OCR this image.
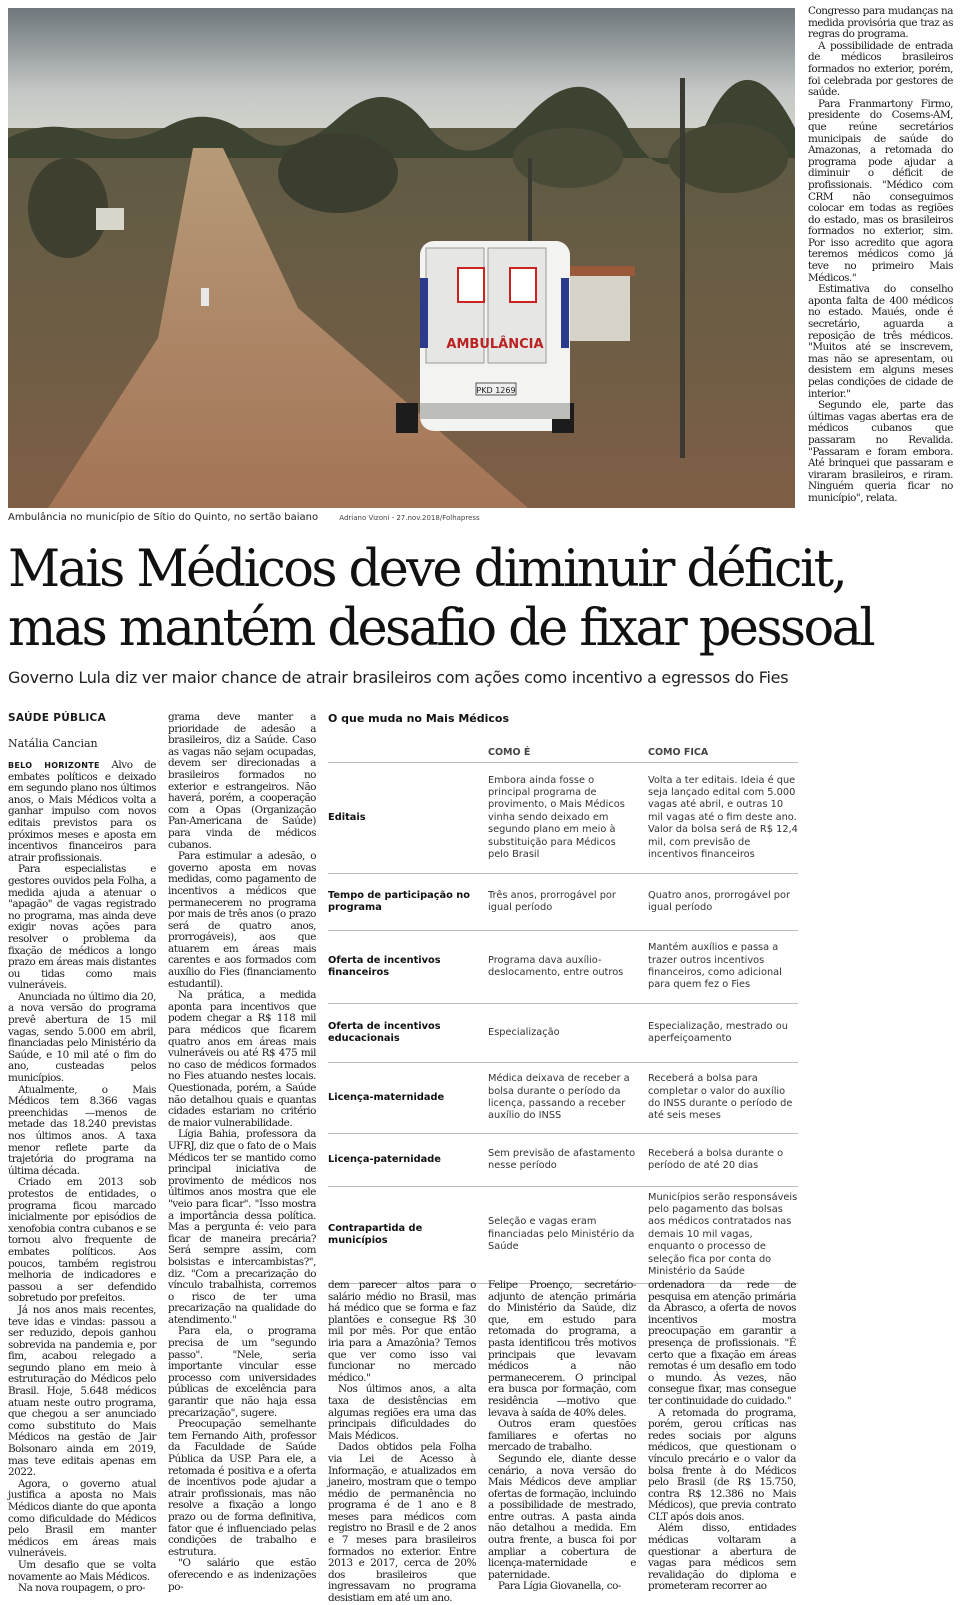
AMBULÂNCIA
PKD 1269
Ambulância no município de Sítio do Quinto, no sertão baiano	Adriano Vizoni - 27.nov.2018/Folhapress

Congresso para mudanças na medida provisória que traz as regras do programa.

A possibilidade de entrada de médicos brasileiros formados no exterior, porém, foi celebrada por gestores de saúde.

Para Franmartony Firmo, presidente do Cosems-AM, que reúne secretários municipais de saúde do Amazonas, a retomada do programa pode ajudar a diminuir o déficit de profissionais. "Médico com CRM não conseguimos colocar em todas as regiões do estado, mas os brasileiros formados no exterior, sim. Por isso acredito que agora teremos médicos como já teve no primeiro Mais Médicos."

Estimativa do conselho aponta falta de 400 médicos no estado. Maués, onde é secretário, aguarda a reposição de três médicos. "Muitos até se inscrevem, mas não se apresentam, ou desistem em alguns meses pelas condições de cidade de interior."

Segundo ele, parte das últimas vagas abertas era de médicos cubanos que passaram no Revalida. "Passaram e foram embora. Até brinquei que passaram e viraram brasileiros, e riram. Ninguém queria ficar no município", relata.

Mais Médicos deve diminuir déficit,
mas mantém desafio de fixar pessoal
Governo Lula diz ver maior chance de atrair brasileiros com ações como incentivo a egressos do Fies
SAÚDE PÚBLICA
Natália Cancian

BELO HORIZONTE Alvo de embates políticos e deixado em segundo plano nos últimos anos, o Mais Médicos volta a ganhar impulso com novos editais previstos para os próximos meses e aposta em incentivos financeiros para atrair profissionais.

Para especialistas e gestores ouvidos pela Folha, a medida ajuda a atenuar o "apagão" de vagas registrado no programa, mas ainda deve exigir novas ações para resolver o problema da fixação de médicos a longo prazo em áreas mais distantes ou tidas como mais vulneráveis.

Anunciada no último dia 20, a nova versão do programa prevê abertura de 15 mil vagas, sendo 5.000 em abril, financiadas pelo Ministério da Saúde, e 10 mil até o fim do ano, custeadas pelos municípios.

Atualmente, o Mais Médicos tem 8.366 vagas preenchidas —menos de metade das 18.240 previstas nos últimos anos. A taxa menor reflete parte da trajetória do programa na última década.

Criado em 2013 sob protestos de entidades, o programa ficou marcado inicialmente por episódios de xenofobia contra cubanos e se tornou alvo frequente de embates políticos. Aos poucos, também registrou melhoria de indicadores e passou a ser defendido sobretudo por prefeitos.

Já nos anos mais recentes, teve idas e vindas: passou a ser reduzido, depois ganhou sobrevida na pandemia e, por fim, acabou relegado a segundo plano em meio à estruturação do Médicos pelo Brasil. Hoje, 5.648 médicos atuam neste outro programa, que chegou a ser anunciado como substituto do Mais Médicos na gestão de Jair Bolsonaro ainda em 2019, mas teve editais apenas em 2022.

Agora, o governo atual justifica a aposta no Mais Médicos diante do que aponta como dificuldade do Médicos pelo Brasil em manter médicos em áreas mais vulneráveis.

Um desafio que se volta novamente ao Mais Médicos.

Na nova roupagem, o pro-

grama deve manter a prioridade de adesão a brasileiros, diz a Saúde. Caso as vagas não sejam ocupadas, devem ser direcionadas a brasileiros formados no exterior e estrangeiros. Não haverá, porém, a cooperação com a Opas (Organização Pan-Americana de Saúde) para vinda de médicos cubanos.

Para estimular a adesão, o governo aposta em novas medidas, como pagamento de incentivos a médicos que permanecerem no programa por mais de três anos (o prazo será de quatro anos, prorrogáveis), aos que atuarem em áreas mais carentes e aos formados com auxílio do Fies (financiamento estudantil).

Na prática, a medida aponta para incentivos que podem chegar a R$ 118 mil para médicos que ficarem quatro anos em áreas mais vulneráveis ou até R$ 475 mil no caso de médicos formados no Fies atuando nestes locais. Questionada, porém, a Saúde não detalhou quais e quantas cidades estariam no critério de maior vulnerabilidade.

Lígia Bahia, professora da UFRJ, diz que o fato de o Mais Médicos ter se mantido como principal iniciativa de provimento de médicos nos últimos anos mostra que ele "veio para ficar". "Isso mostra a importância dessa política. Mas a pergunta é: veio para ficar de maneira precária? Será sempre assim, com bolsistas e intercambistas?", diz. "Com a precarização do vínculo trabalhista, corremos o risco de ter uma precarização na qualidade do atendimento."

Para ela, o programa precisa de um "segundo passo". "Nele, seria importante vincular esse processo com universidades públicas de excelência para garantir que não haja essa precarização", sugere.

Preocupação semelhante tem Fernando Aith, professor da Faculdade de Saúde Pública da USP. Para ele, a retomada é positiva e a oferta de incentivos pode ajudar a atrair profissionais, mas não resolve a fixação a longo prazo ou de forma definitiva, fator que é influenciado pelas condições de trabalho e estrutura.

"O salário que estão oferecendo e as indenizações po-

O que muda no Mais Médicos
COMO É	COMO FICA
Editais
Embora ainda fosse o principal programa de provimento, o Mais Médicos vinha sendo deixado em segundo plano em meio à substituição para Médicos pelo Brasil
Volta a ter editais. Ideia é que seja lançado edital com 5.000 vagas até abril, e outras 10 mil vagas até o fim deste ano. Valor da bolsa será de R$ 12,4 mil, com previsão de incentivos financeiros
Tempo de participação no programa
Três anos, prorrogável por igual período
Quatro anos, prorrogável por igual período
Oferta de incentivos financeiros
Programa dava auxílio-deslocamento, entre outros
Mantém auxílios e passa a trazer outros incentivos financeiros, como adicional para quem fez o Fies
Oferta de incentivos educacionais
Especialização
Especialização, mestrado ou aperfeiçoamento
Licença-maternidade
Médica deixava de receber a bolsa durante o período da licença, passando a receber auxílio do INSS
Receberá a bolsa para completar o valor do auxílio do INSS durante o período de até seis meses
Licença-paternidade
Sem previsão de afastamento nesse período
Receberá a bolsa durante o período de até 20 dias
Contrapartida de municípios
Seleção e vagas eram financiadas pelo Ministério da Saúde
Municípios serão responsáveis pelo pagamento das bolsas aos médicos contratados nas demais 10 mil vagas, enquanto o processo de seleção fica por conta do Ministério da Saúde

dem parecer altos para o salário médio no Brasil, mas há médico que se forma e faz plantões e consegue R$ 30 mil por mês. Por que então iria para a Amazônia? Temos que ver como isso vai funcionar no mercado médico."

Nos últimos anos, a alta taxa de desistências em algumas regiões era uma das principais dificuldades do Mais Médicos.

Dados obtidos pela Folha via Lei de Acesso à Informação, e atualizados em janeiro, mostram que o tempo médio de permanência no programa é de 1 ano e 8 meses para médicos com registro no Brasil e de 2 anos e 7 meses para brasileiros formados no exterior. Entre 2013 e 2017, cerca de 20% dos brasileiros que ingressavam no programa desistiam em até um ano.

Felipe Proenço, secretário-adjunto de atenção primária do Ministério da Saúde, diz que, em estudo para retomada do programa, a pasta identificou três motivos principais que levavam médicos a não permanecerem. O principal era busca por formação, com residência —motivo que levava à saída de 40% deles.

Outros eram questões familiares e ofertas no mercado de trabalho.

Segundo ele, diante desse cenário, a nova versão do Mais Médicos deve ampliar ofertas de formação, incluindo a possibilidade de mestrado, entre outras. A pasta ainda não detalhou a medida. Em outra frente, a busca foi por ampliar a cobertura de licença-maternidade e paternidade.

Para Lígia Giovanella, co-

ordenadora da rede de pesquisa em atenção primária da Abrasco, a oferta de novos incentivos mostra preocupação em garantir a presença de profissionais. "É certo que a fixação em áreas remotas é um desafio em todo o mundo. Às vezes, não consegue fixar, mas consegue ter continuidade do cuidado."

A retomada do programa, porém, gerou críticas nas redes sociais por alguns médicos, que questionam o vínculo precário e o valor da bolsa frente à do Médicos pelo Brasil (de R$ 15.750, contra R$ 12.386 no Mais Médicos), que previa contrato CLT após dois anos.

Além disso, entidades médicas voltaram a questionar a abertura de vagas para médicos sem revalidação do diploma e prometeram recorrer ao
